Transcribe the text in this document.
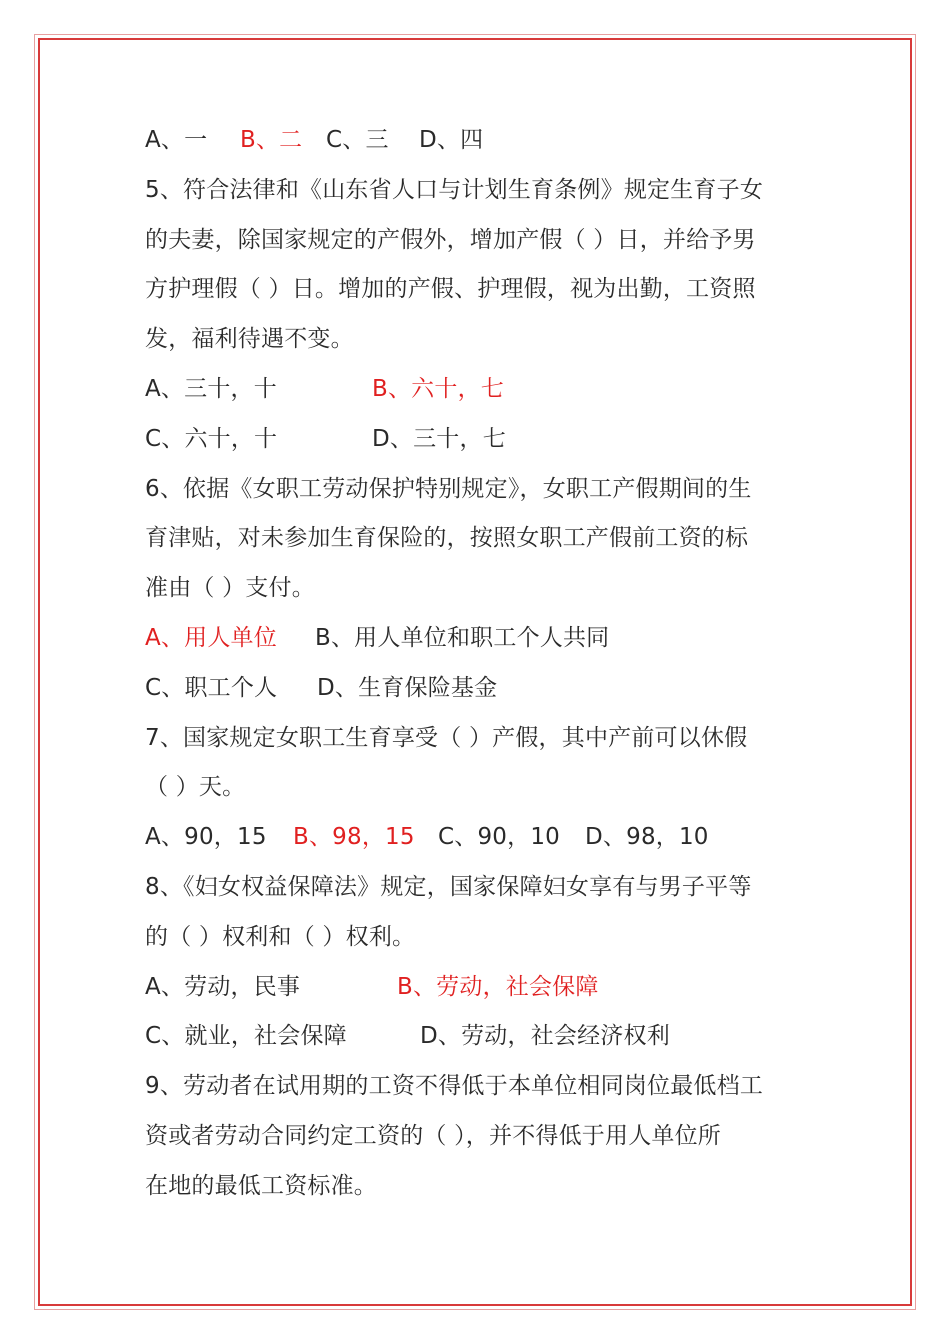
A、一 B、二 C、三 D、四
5、符合法律和《山东省人口与计划生育条例》规定生育子女
的夫妻，除国家规定的产假外，增加产假（ ）日，并给予男
方护理假（ ）日。增加的产假、护理假，视为出勤，工资照
发，福利待遇不变。
A、三十，十	B、六十，七
C、六十，十	D、三十，七
6、依据《女职工劳动保护特别规定》，女职工产假期间的生
育津贴，对未参加生育保险的，按照女职工产假前工资的标
准由（ ）支付。
A、用人单位 B、用人单位和职工个人共同
C、职工个人 D、生育保险基金
7、国家规定女职工生育享受（ ）产假，其中产前可以休假
（ ）天。
A、90，15 B、98，15 C、90，10 D、98，10
8、《妇女权益保障法》规定，国家保障妇女享有与男子平等
的（ ）权利和（ ）权利。
A、劳动，民事	B、劳动，社会保障
C、就业，社会保障	D、劳动，社会经济权利
9、劳动者在试用期的工资不得低于本单位相同岗位最低档工
资或者劳动合同约定工资的（ ），并不得低于用人单位所
在地的最低工资标准。
